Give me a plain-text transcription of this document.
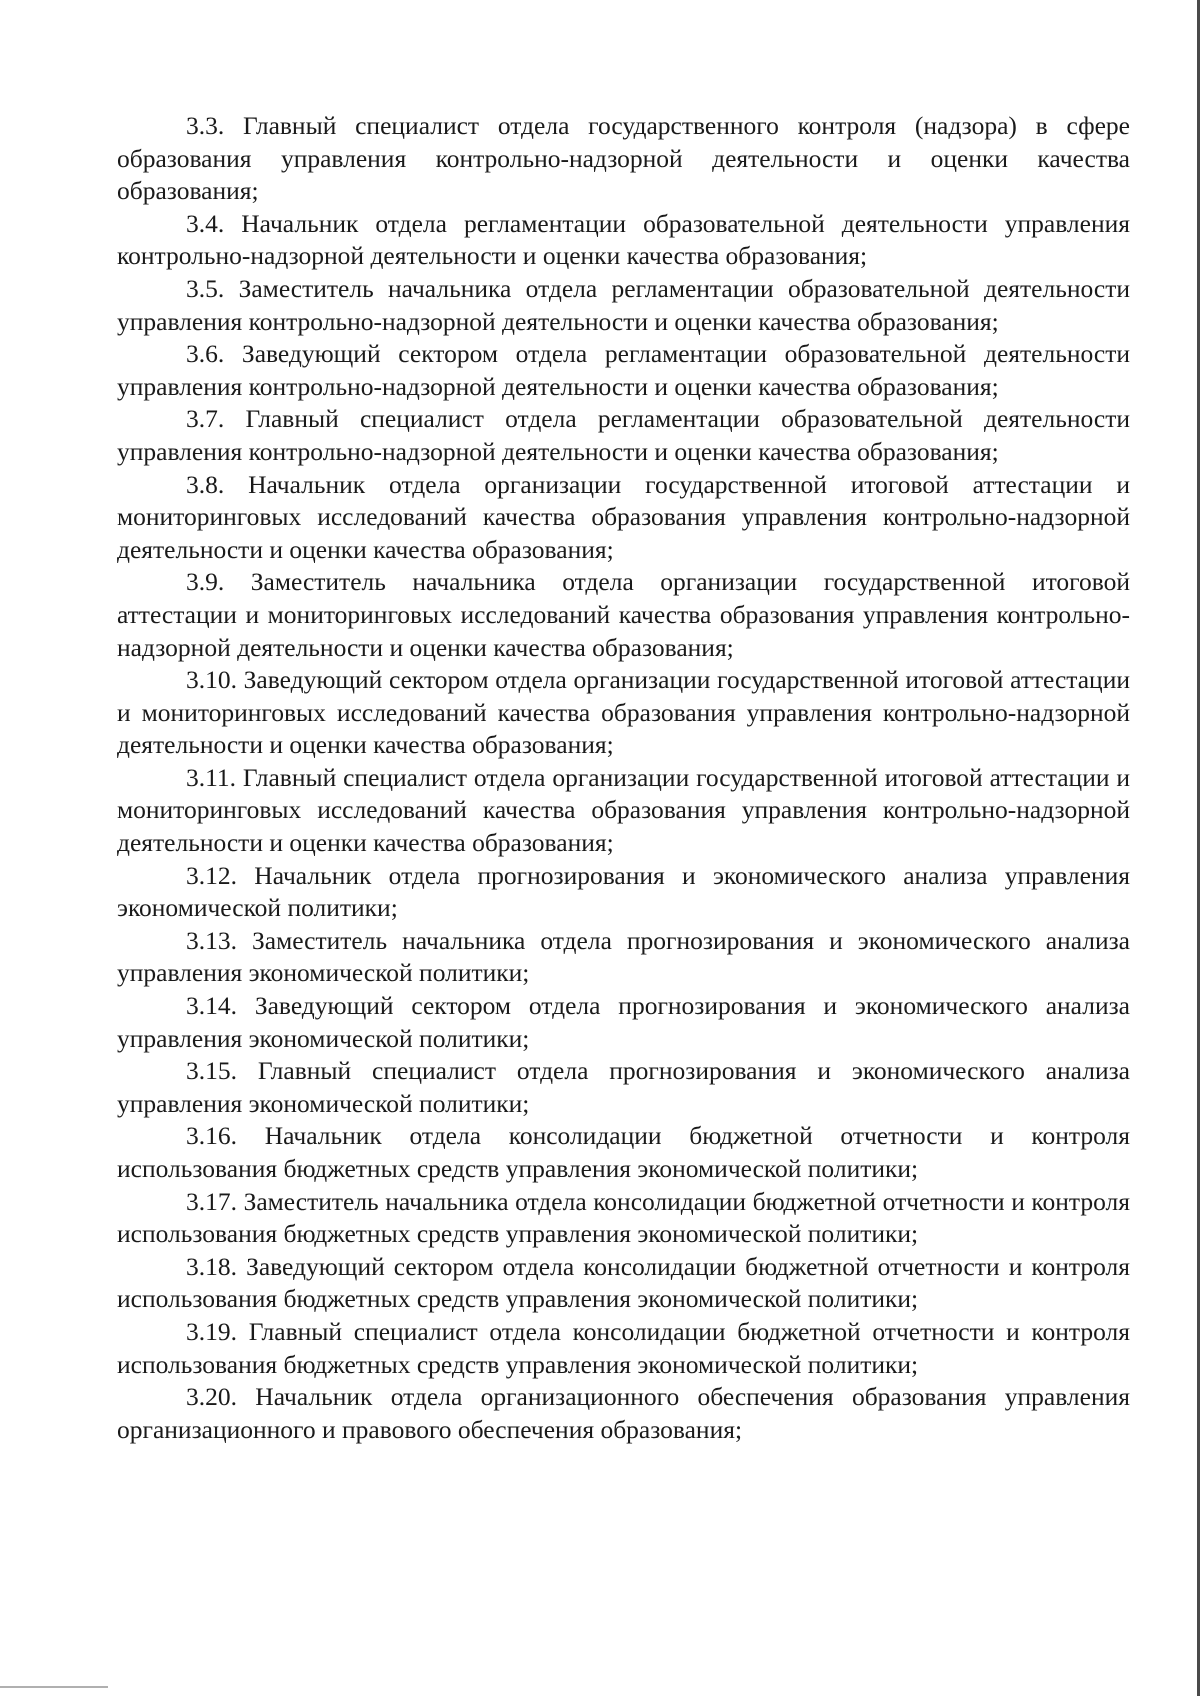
3.3. Главный специалист отдела государственного контроля (надзора) в сфере образования управления контрольно-надзорной деятельности и оценки качества образования;

3.4. Начальник отдела регламентации образовательной деятельности управления контрольно-надзорной деятельности и оценки качества образования;

3.5. Заместитель начальника отдела регламентации образовательной деятельности управления контрольно-надзорной деятельности и оценки качества образования;

3.6. Заведующий сектором отдела регламентации образовательной деятельности управления контрольно-надзорной деятельности и оценки качества образования;

3.7. Главный специалист отдела регламентации образовательной деятельности управления контрольно-надзорной деятельности и оценки качества образования;

3.8. Начальник отдела организации государственной итоговой аттестации и мониторинговых исследований качества образования управления контрольно-надзорной деятельности и оценки качества образования;

3.9. Заместитель начальника отдела организации государственной итоговой аттестации и мониторинговых исследований качества образования управления контрольно-надзорной деятельности и оценки качества образования;

3.10. Заведующий сектором отдела организации государственной итоговой аттестации и мониторинговых исследований качества образования управления контрольно-надзорной деятельности и оценки качества образования;

3.11. Главный специалист отдела организации государственной итоговой аттестации и мониторинговых исследований качества образования управления контрольно-надзорной деятельности и оценки качества образования;

3.12. Начальник отдела прогнозирования и экономического анализа управления экономической политики;

3.13. Заместитель начальника отдела прогнозирования и экономического анализа управления экономической политики;

3.14. Заведующий сектором отдела прогнозирования и экономического анализа управления экономической политики;

3.15. Главный специалист отдела прогнозирования и экономического анализа управления экономической политики;

3.16. Начальник отдела консолидации бюджетной отчетности и контроля использования бюджетных средств управления экономической политики;

3.17. Заместитель начальника отдела консолидации бюджетной отчетности и контроля использования бюджетных средств управления экономической политики;

3.18. Заведующий сектором отдела консолидации бюджетной отчетности и контроля использования бюджетных средств управления экономической политики;

3.19. Главный специалист отдела консолидации бюджетной отчетности и контроля использования бюджетных средств управления экономической политики;

3.20. Начальник отдела организационного обеспечения образования управления организационного и правового обеспечения образования;
